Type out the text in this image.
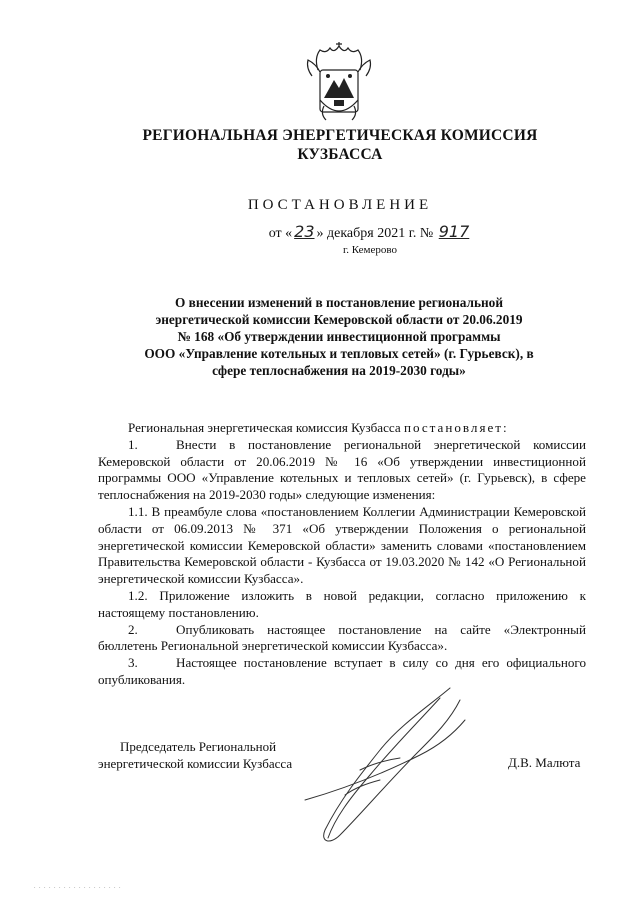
РЕГИОНАЛЬНАЯ ЭНЕРГЕТИЧЕСКАЯ КОМИССИЯ
КУЗБАССА
ПОСТАНОВЛЕНИЕ
от « 23 » декабря 2021 г. № 917
г. Кемерово
О внесении изменений в постановление региональной
энергетической комиссии Кемеровской области от 20.06.2019
№ 168 «Об утверждении инвестиционной программы
ООО «Управление котельных и тепловых сетей» (г. Гурьевск), в
сфере теплоснабжения на 2019-2030 годы»

Региональная энергетическая комиссия Кузбасса постановляет:

1.	Внести в постановление региональной энергетической комиссии Кемеровской области от 20.06.2019 № 16 «Об утверждении инвестиционной программы ООО «Управление котельных и тепловых сетей» (г. Гурьевск), в сфере теплоснабжения на 2019-2030 годы» следующие изменения:

1.1. В преамбуле слова «постановлением Коллегии Администрации Кемеровской области от 06.09.2013 № 371 «Об утверждении Положения о региональной энергетической комиссии Кемеровской области» заменить словами «постановлением Правительства Кемеровской области - Кузбасса от 19.03.2020 № 142 «О Региональной энергетической комиссии Кузбасса».

1.2. Приложение изложить в новой редакции, согласно приложению к настоящему постановлению.

2.	Опубликовать настоящее постановление на сайте «Электронный бюллетень Региональной энергетической комиссии Кузбасса».

3.	Настоящее постановление вступает в силу со дня его официального опубликования.

Председатель Региональной
энергетической комиссии Кузбасса	Д.В. Малюта
. . . . . . . . . . . . . . . . . .
